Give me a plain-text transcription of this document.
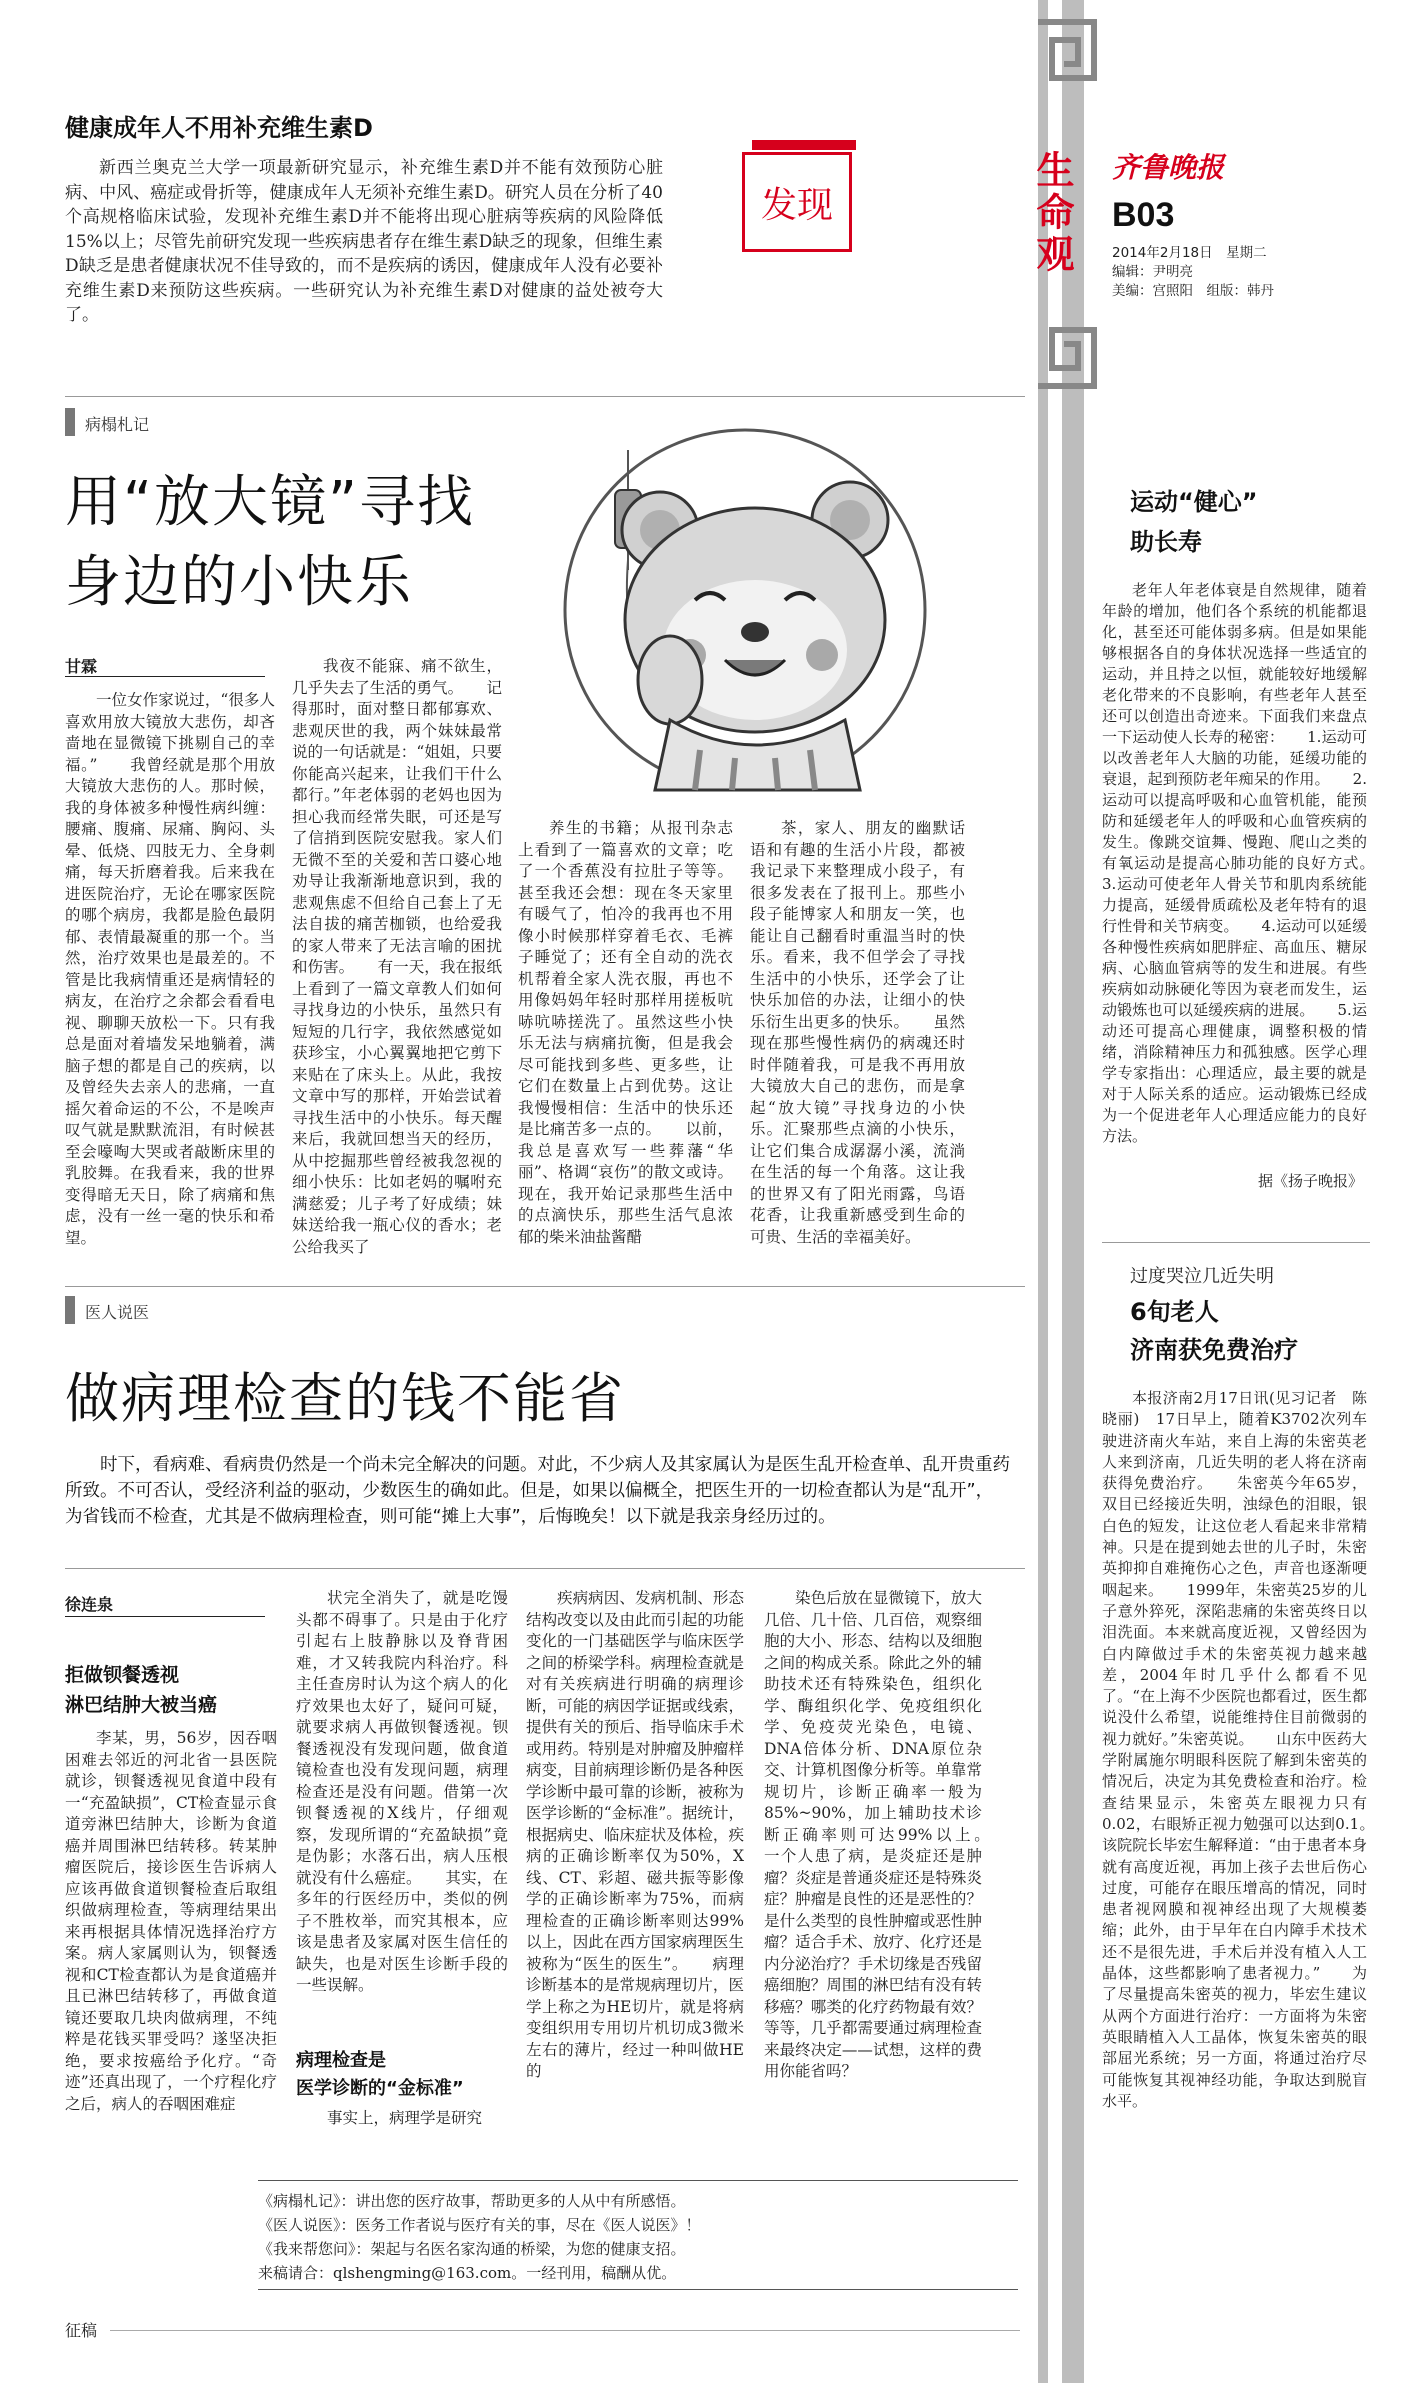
生命观 齐鲁晚报
B03
2014年2月18日　星期二
编辑：尹明亮
美编：宫照阳　组版：韩丹
健康成年人不用补充维生素D

新西兰奥克兰大学一项最新研究显示，补充维生素D并不能有效预防心脏病、中风、癌症或骨折等，健康成年人无须补充维生素D。研究人员在分析了40个高规格临床试验，发现补充维生素D并不能将出现心脏病等疾病的风险降低15%以上；尽管先前研究发现一些疾病患者存在维生素D缺乏的现象，但维生素D缺乏是患者健康状况不佳导致的，而不是疾病的诱因，健康成年人没有必要补充维生素D来预防这些疾病。一些研究认为补充维生素D对健康的益处被夸大了。

发现
病榻札记
用“放大镜”寻找
身边的小快乐
甘霖

一位女作家说过，“很多人喜欢用放大镜放大悲伤，却吝啬地在显微镜下挑剔自己的幸福。”　　我曾经就是那个用放大镜放大悲伤的人。那时候，我的身体被多种慢性病纠缠：腰痛、腹痛、尿痛、胸闷、头晕、低烧、四肢无力、全身刺痛，每天折磨着我。后来我在进医院治疗，无论在哪家医院的哪个病房，我都是脸色最阴郁、表情最凝重的那一个。当然，治疗效果也是最差的。不管是比我病情重还是病情轻的病友，在治疗之余都会看看电视、聊聊天放松一下。只有我总是面对着墙发呆地躺着，满脑子想的都是自己的疾病，以及曾经失去亲人的悲痛，一直摇欠着命运的不公，不是唉声叹气就是默默流泪，有时候甚至会嚎啕大哭或者敲断床里的乳胶舞。在我看来，我的世界变得暗无天日，除了病痛和焦虑，没有一丝一毫的快乐和希望。

我夜不能寐、痛不欲生，几乎失去了生活的勇气。　　记得那时，面对整日都郁寡欢、悲观厌世的我，两个妹妹最常说的一句话就是：“姐姐，只要你能高兴起来，让我们干什么都行。”年老体弱的老妈也因为担心我而经常失眠，可还是写了信捎到医院安慰我。家人们无微不至的关爱和苦口婆心地劝导让我渐渐地意识到，我的悲观焦虑不但给自己套上了无法自拔的痛苦枷锁，也给爱我的家人带来了无法言喻的困扰和伤害。　　有一天，我在报纸上看到了一篇文章教人们如何寻找身边的小快乐，虽然只有短短的几行字，我依然感觉如获珍宝，小心翼翼地把它剪下来贴在了床头上。从此，我按文章中写的那样，开始尝试着寻找生活中的小快乐。每天醒来后，我就回想当天的经历，从中挖掘那些曾经被我忽视的细小快乐：比如老妈的嘱咐充满慈爱；儿子考了好成绩；妹妹送给我一瓶心仪的香水；老公给我买了

养生的书籍；从报刊杂志上看到了一篇喜欢的文章；吃了一个香蕉没有拉肚子等等。甚至我还会想：现在冬天家里有暖气了，怕冷的我再也不用像小时候那样穿着毛衣、毛裤子睡觉了；还有全自动的洗衣机帮着全家人洗衣服，再也不用像妈妈年轻时那样用搓板吭哧吭哧搓洗了。虽然这些小快乐无法与病痛抗衡，但是我会尽可能找到多些、更多些，让它们在数量上占到优势。这让我慢慢相信：生活中的快乐还是比痛苦多一点的。　　以前，我总是喜欢写一些葬藩“华丽”、格调“哀伤”的散文或诗。现在，我开始记录那些生活中的点滴快乐，那些生活气息浓郁的柴米油盐酱醋

茶，家人、朋友的幽默话语和有趣的生活小片段，都被我记录下来整理成小段子，有很多发表在了报刊上。那些小段子能博家人和朋友一笑，也能让自己翻看时重温当时的快乐。看来，我不但学会了寻找生活中的小快乐，还学会了让快乐加倍的办法，让细小的快乐衍生出更多的快乐。　　虽然现在那些慢性病仍的病魂还时时伴随着我，可是我不再用放大镜放大自己的悲伤，而是拿起“放大镜”寻找身边的小快乐。汇聚那些点滴的小快乐，让它们集合成潺潺小溪，流淌在生活的每一个角落。这让我的世界又有了阳光雨露，鸟语花香，让我重新感受到生命的可贵、生活的幸福美好。

医人说医
做病理检查的钱不能省
时下，看病难、看病贵仍然是一个尚未完全解决的问题。对此，不少病人及其家属认为是医生乱开检查单、乱开贵重药所致。不可否认，受经济利益的驱动，少数医生的确如此。但是，如果以偏概全，把医生开的一切检查都认为是“乱开”，为省钱而不检查，尤其是不做病理检查，则可能“摊上大事”，后悔晚矣！以下就是我亲身经历过的。
徐连泉
拒做钡餐透视
淋巴结肿大被当癌

李某，男，56岁，因吞咽困难去邻近的河北省一县医院就诊，钡餐透视见食道中段有一“充盈缺损”，CT检查显示食道旁淋巴结肿大，诊断为食道癌并周围淋巴结转移。转某肿瘤医院后，接诊医生告诉病人应该再做食道钡餐检查后取组织做病理检查，等病理结果出来再根据具体情况选择治疗方案。病人家属则认为，钡餐透视和CT检查都认为是食道癌并且已淋巴结转移了，再做食道镜还要取几块肉做病理，不纯粹是花钱买罪受吗？遂坚决拒绝，要求按癌给予化疗。“奇迹”还真出现了，一个疗程化疗之后，病人的吞咽困难症

状完全消失了，就是吃馒头都不碍事了。只是由于化疗引起右上肢静脉以及脊背困难，才又转我院内科治疗。科主任查房时认为这个病人的化疗效果也太好了，疑问可疑，就要求病人再做钡餐透视。钡餐透视没有发现问题，做食道镜检查也没有发现问题，病理检查还是没有问题。借第一次钡餐透视的X线片，仔细观察，发现所谓的“充盈缺损”竟是伪影；水落石出，病人压根就没有什么癌症。　　其实，在多年的行医经历中，类似的例子不胜枚举，而究其根本，应该是患者及家属对医生信任的缺失，也是对医生诊断手段的一些误解。

病理检查是
医学诊断的“金标准”

事实上，病理学是研究

疾病病因、发病机制、形态结构改变以及由此而引起的功能变化的一门基础医学与临床医学之间的桥梁学科。病理检查就是对有关疾病进行明确的病理诊断，可能的病因学证据或线索，提供有关的预后、指导临床手术或用药。特别是对肿瘤及肿瘤样病变，目前病理诊断仍是各种医学诊断中最可靠的诊断，被称为医学诊断的“金标准”。据统计，根据病史、临床症状及体检，疾病的正确诊断率仅为50%，X线、CT、彩超、磁共振等影像学的正确诊断率为75%，而病理检查的正确诊断率则达99%以上，因此在西方国家病理医生被称为“医生的医生”。　　病理诊断基本的是常规病理切片，医学上称之为HE切片，就是将病变组织用专用切片机切成3微米左右的薄片，经过一种叫做HE的

染色后放在显微镜下，放大几倍、几十倍、几百倍，观察细胞的大小、形态、结构以及细胞之间的构成关系。除此之外的辅助技术还有特殊染色，组织化学、酶组织化学、免疫组织化学、免疫荧光染色，电镜、DNA倍体分析、DNA原位杂交、计算机图像分析等。单靠常规切片，诊断正确率一般为85%~90%，加上辅助技术诊断正确率则可达99%以上。　　一个人患了病，是炎症还是肿瘤？炎症是普通炎症还是特殊炎症？肿瘤是良性的还是恶性的？是什么类型的良性肿瘤或恶性肿瘤？适合手术、放疗、化疗还是内分泌治疗？手术切缘是否残留癌细胞？周围的淋巴结有没有转移癌？哪类的化疗药物最有效？等等，几乎都需要通过病理检查来最终决定——试想，这样的费用你能省吗？

《病榻札记》：讲出您的医疗故事，帮助更多的人从中有所感悟。

《医人说医》：医务工作者说与医疗有关的事，尽在《医人说医》！

《我来帮您问》：架起与名医名家沟通的桥梁，为您的健康支招。

来稿请合：qlshengming@163.com。一经刊用，稿酬从优。

征稿
运动“健心”
助长寿

老年人年老体衰是自然规律，随着年龄的增加，他们各个系统的机能都退化，甚至还可能体弱多病。但是如果能够根据各自的身体状况选择一些适宜的运动，并且持之以恒，就能较好地缓解老化带来的不良影响，有些老年人甚至还可以创造出奇迹来。下面我们来盘点一下运动使人长寿的秘密：　　1.运动可以改善老年人大脑的功能，延缓功能的衰退，起到预防老年痴呆的作用。　　2.运动可以提高呼吸和心血管机能，能预防和延缓老年人的呼吸和心血管疾病的发生。像跳交谊舞、慢跑、爬山之类的有氧运动是提高心肺功能的良好方式。　　3.运动可使老年人骨关节和肌肉系统能力提高，延缓骨质疏松及老年特有的退行性骨和关节病变。　　4.运动可以延缓各种慢性疾病如肥胖症、高血压、糖尿病、心脑血管病等的发生和进展。有些疾病如动脉硬化等因为衰老而发生，运动锻炼也可以延缓疾病的进展。　　5.运动还可提高心理健康，调整积极的情绪，消除精神压力和孤独感。医学心理学专家指出：心理适应，最主要的就是对于人际关系的适应。运动锻炼已经成为一个促进老年人心理适应能力的良好方法。

据《扬子晚报》
过度哭泣几近失明
6旬老人
济南获免费治疗

本报济南2月17日讯(见习记者　陈晓丽)　17日早上，随着K3702次列车驶进济南火车站，来自上海的朱密英老人来到济南，几近失明的老人将在济南获得免费治疗。　　朱密英今年65岁，双目已经接近失明，浊绿色的泪眼，银白色的短发，让这位老人看起来非常精神。只是在提到她去世的儿子时，朱密英抑抑自难掩伤心之色，声音也逐渐哽咽起来。　　1999年，朱密英25岁的儿子意外猝死，深陷悲痛的朱密英终日以泪洗面。本来就高度近视，又曾经因为白内障做过手术的朱密英视力越来越差，2004年时几乎什么都看不见了。“在上海不少医院也都看过，医生都说没什么希望，说能维持住目前微弱的视力就好。”朱密英说。　　山东中医药大学附属施尔明眼科医院了解到朱密英的情况后，决定为其免费检查和治疗。检查结果显示，朱密英左眼视力只有0.02，右眼矫正视力勉强可以达到0.1。　　该院院长毕宏生解释道：“由于患者本身就有高度近视，再加上孩子去世后伤心过度，可能存在眼压增高的情况，同时患者视网膜和视神经出现了大规模萎缩；此外，由于早年在白内障手术技术还不是很先进，手术后并没有植入人工晶体，这些都影响了患者视力。”　　为了尽量提高朱密英的视力，毕宏生建议从两个方面进行治疗：一方面将为朱密英眼睛植入人工晶体，恢复朱密英的眼部屈光系统；另一方面，将通过治疗尽可能恢复其视神经功能，争取达到脱盲水平。
